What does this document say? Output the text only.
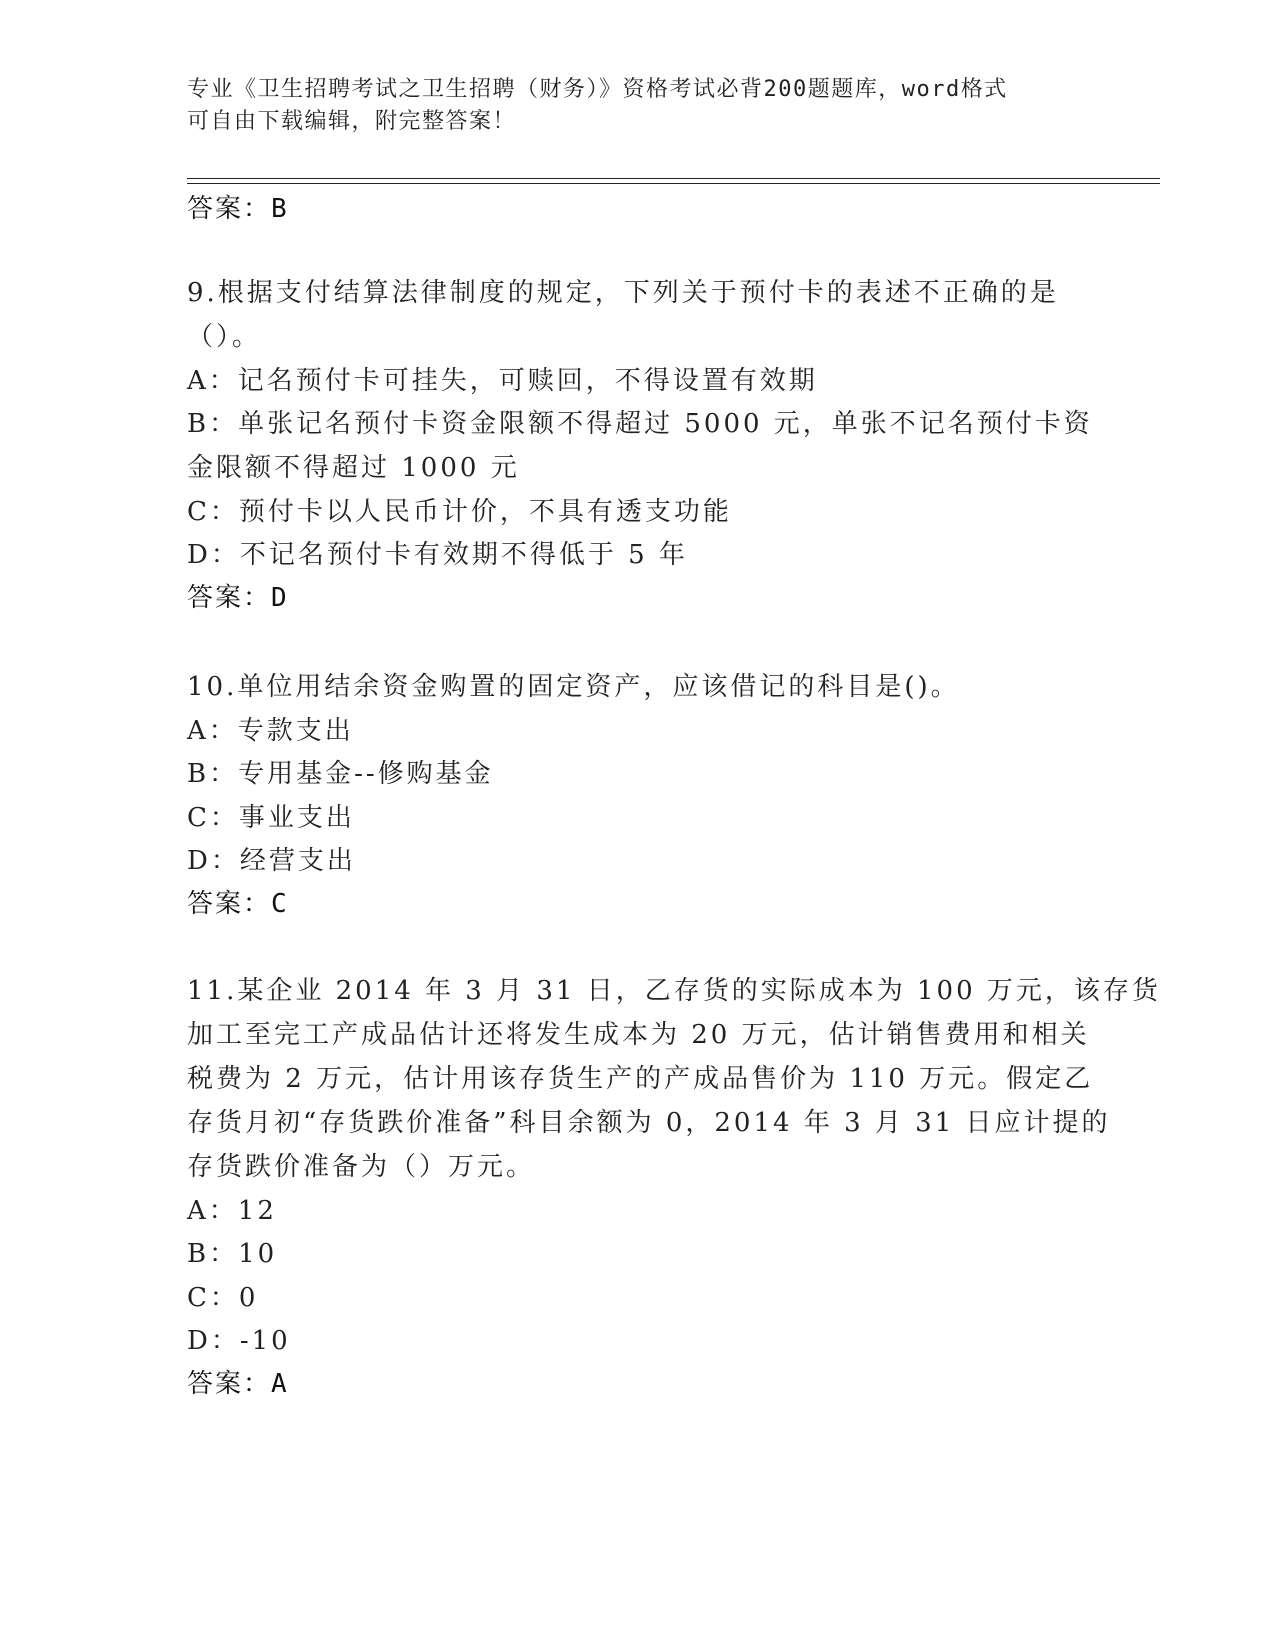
专业《卫生招聘考试之卫生招聘（财务）》资格考试必背200题题库，word格式
可自由下载编辑，附完整答案！
答案：B
9.根据支付结算法律制度的规定，下列关于预付卡的表述不正确的是
（）。
A：记名预付卡可挂失，可赎回，不得设置有效期
B：单张记名预付卡资金限额不得超过 5000 元，单张不记名预付卡资
金限额不得超过 1000 元
C：预付卡以人民币计价，不具有透支功能
D：不记名预付卡有效期不得低于 5 年
答案：D
10.单位用结余资金购置的固定资产，应该借记的科目是()。
A：专款支出
B：专用基金--修购基金
C：事业支出
D：经营支出
答案：C
11.某企业 2014 年 3 月 31 日，乙存货的实际成本为 100 万元，该存货
加工至完工产成品估计还将发生成本为 20 万元，估计销售费用和相关
税费为 2 万元，估计用该存货生产的产成品售价为 110 万元。假定乙
存货月初“存货跌价准备”科目余额为 0，2014 年 3 月 31 日应计提的
存货跌价准备为（）万元。
A：12
B：10
C：0
D：-10
答案：A
